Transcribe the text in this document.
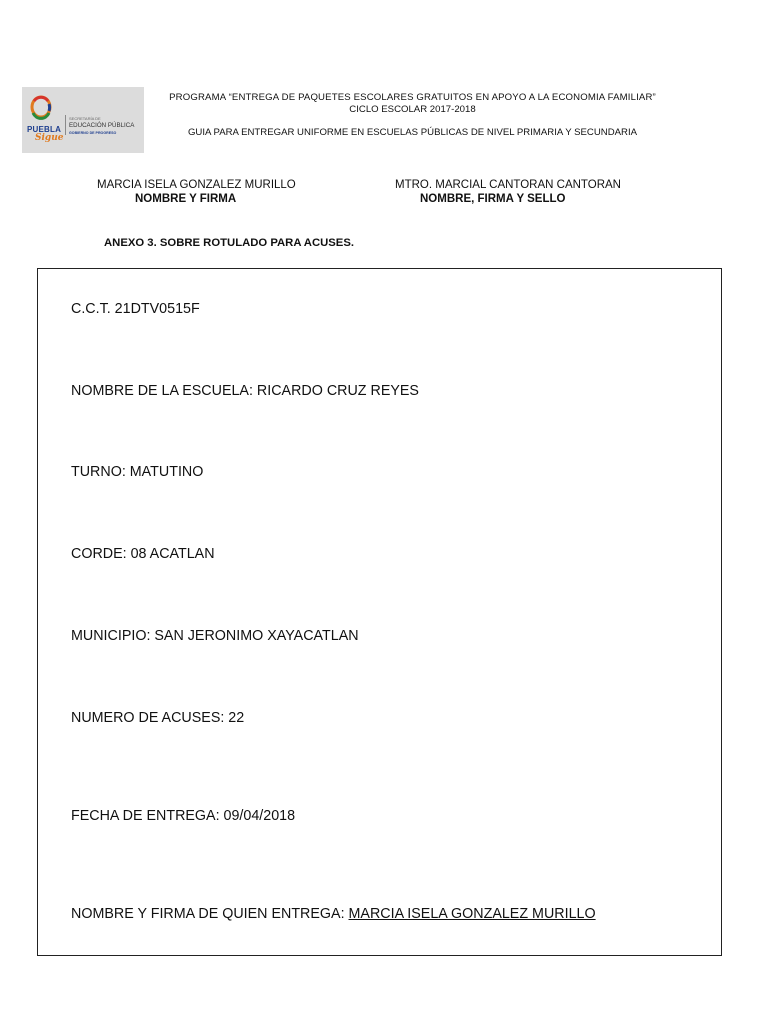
PUEBLA
Sigue
SECRETARÍA DE
EDUCACIÓN PÚBLICA
GOBIERNO DE PROGRESO
PROGRAMA “ENTREGA DE PAQUETES ESCOLARES GRATUITOS EN APOYO A LA ECONOMIA FAMILIAR”
CICLO ESCOLAR 2017-2018
GUIA PARA ENTREGAR UNIFORME EN ESCUELAS PÚBLICAS DE NIVEL PRIMARIA Y SECUNDARIA
MARCIA ISELA GONZALEZ MURILLO
NOMBRE Y FIRMA
MTRO. MARCIAL CANTORAN CANTORAN
NOMBRE, FIRMA Y SELLO
ANEXO 3. SOBRE ROTULADO PARA ACUSES.
C.C.T. 21DTV0515F
NOMBRE DE LA ESCUELA: RICARDO CRUZ REYES
TURNO: MATUTINO
CORDE: 08 ACATLAN
MUNICIPIO: SAN JERONIMO XAYACATLAN
NUMERO DE ACUSES: 22
FECHA DE ENTREGA: 09/04/2018
NOMBRE Y FIRMA DE QUIEN ENTREGA: MARCIA ISELA GONZALEZ MURILLO
